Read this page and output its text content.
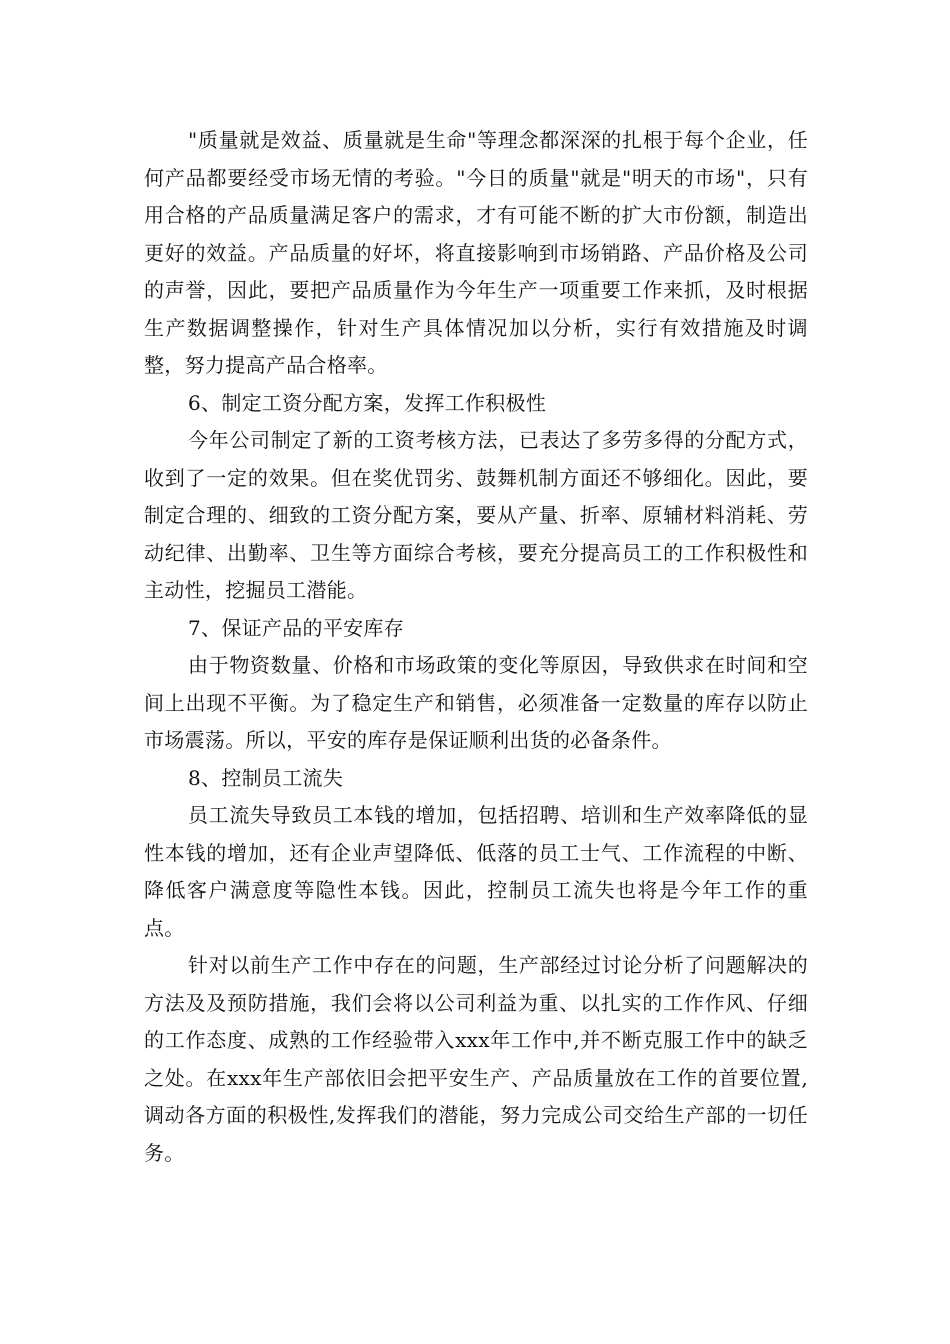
"质量就是效益、质量就是生命"等理念都深深的扎根于每个企业，任何产品都要经受市场无情的考验。"今日的质量"就是"明天的市场"，只有用合格的产品质量满足客户的需求，才有可能不断的扩大市份额，制造出更好的效益。产品质量的好坏，将直接影响到市场销路、产品价格及公司的声誉，因此，要把产品质量作为今年生产一项重要工作来抓，及时根据生产数据调整操作，针对生产具体情况加以分析，实行有效措施及时调整，努力提高产品合格率。

6、制定工资分配方案，发挥工作积极性

今年公司制定了新的工资考核方法，已表达了多劳多得的分配方式，收到了一定的效果。但在奖优罚劣、鼓舞机制方面还不够细化。因此，要制定合理的、细致的工资分配方案，要从产量、折率、原辅材料消耗、劳动纪律、出勤率、卫生等方面综合考核，要充分提高员工的工作积极性和主动性，挖掘员工潜能。

7、保证产品的平安库存

由于物资数量、价格和市场政策的变化等原因，导致供求在时间和空间上出现不平衡。为了稳定生产和销售，必须准备一定数量的库存以防止市场震荡。所以，平安的库存是保证顺利出货的必备条件。

8、控制员工流失

员工流失导致员工本钱的增加，包括招聘、培训和生产效率降低的显性本钱的增加，还有企业声望降低、低落的员工士气、工作流程的中断、降低客户满意度等隐性本钱。因此，控制员工流失也将是今年工作的重点。

针对以前生产工作中存在的问题，生产部经过讨论分析了问题解决的方法及及预防措施，我们会将以公司利益为重、以扎实的工作作风、仔细的工作态度、成熟的工作经验带入xxx年工作中,并不断克服工作中的缺乏之处。在xxx年生产部依旧会把平安生产、产品质量放在工作的首要位置,调动各方面的积极性,发挥我们的潜能，努力完成公司交给生产部的一切任务。
